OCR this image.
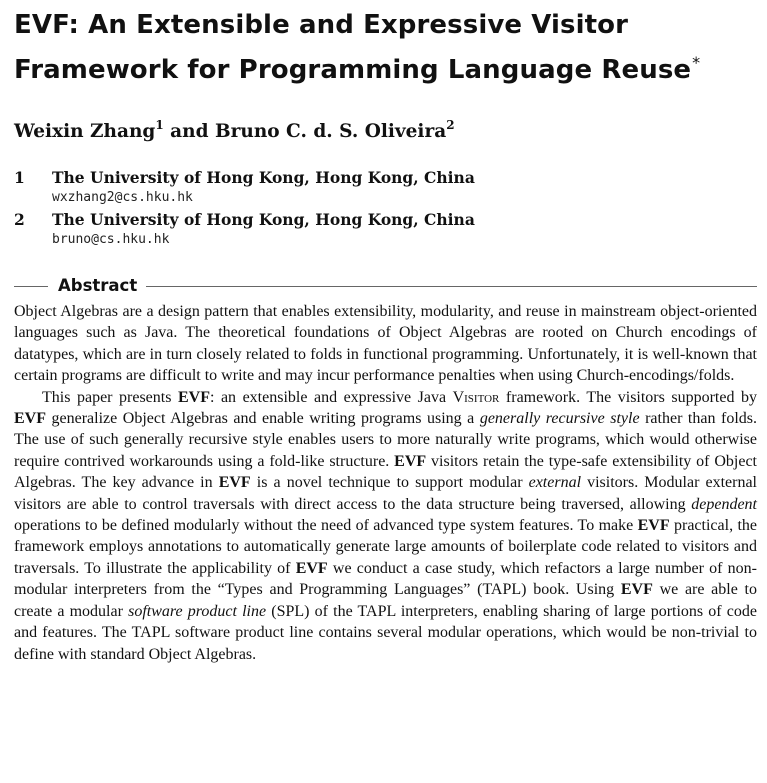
EVF: An Extensible and Expressive Visitor
Framework for Programming Language Reuse*
Weixin Zhang$^1$ and Bruno C. d. S. Oliveira$^2$
1	The University of Hong Kong, Hong Kong, China
wxzhang2@cs.hku.hk
2	The University of Hong Kong, Hong Kong, China
bruno@cs.hku.hk
Abstract

Object Algebras are a design pattern that enables extensibility, modularity, and reuse in mainstream object-oriented languages such as Java. The theoretical foundations of Object Algebras are rooted on Church encodings of datatypes, which are in turn closely related to folds in functional programming. Unfortunately, it is well-known that certain programs are difficult to write and may incur performance penalties when using Church-encodings/folds.

This paper presents EVF: an extensible and expressive Java Visitor framework. The visitors supported by EVF generalize Object Algebras and enable writing programs using a generally recursive style rather than folds. The use of such generally recursive style enables users to more naturally write programs, which would otherwise require contrived workarounds using a fold-like structure. EVF visitors retain the type-safe extensibility of Object Algebras. The key advance in EVF is a novel technique to support modular external visitors. Modular external visitors are able to control traversals with direct access to the data structure being traversed, allowing dependent operations to be defined modularly without the need of advanced type system features. To make EVF practical, the framework employs annotations to automatically generate large amounts of boilerplate code related to visitors and traversals. To illustrate the applicability of EVF we conduct a case study, which refactors a large number of non-modular interpreters from the “Types and Programming Languages” (TAPL) book. Using EVF we are able to create a modular software product line (SPL) of the TAPL interpreters, enabling sharing of large portions of code and features. The TAPL software product line contains several modular operations, which would be non-trivial to define with standard Object Algebras.
